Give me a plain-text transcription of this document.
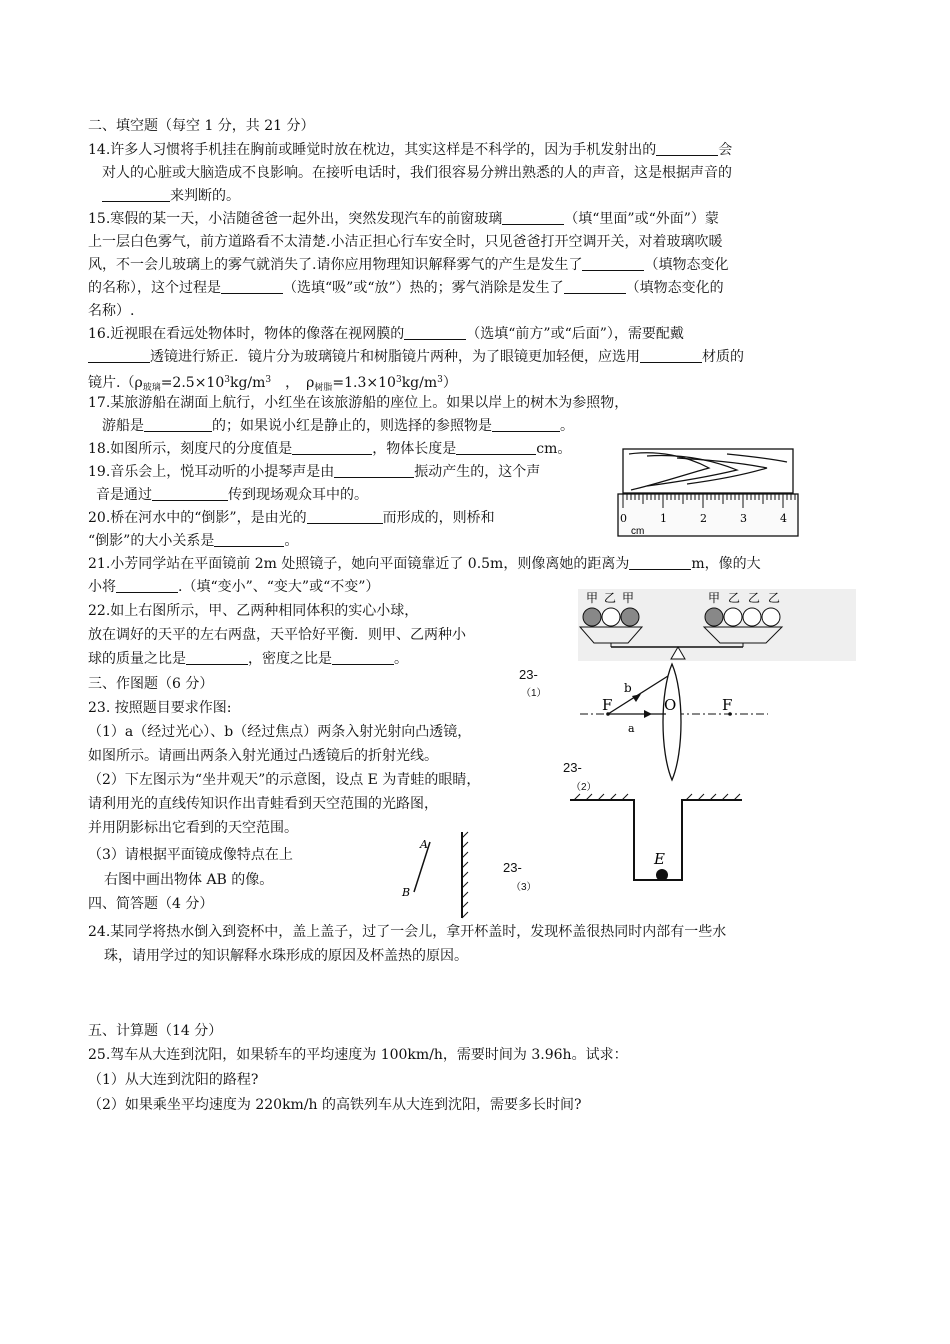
二、填空题（每空 1 分，共 21 分）
14.许多人习惯将手机挂在胸前或睡觉时放在枕边，其实这样是不科学的，因为手机发射出的	会
对人的心脏或大脑造成不良影响。在接听电话时，我们很容易分辨出熟悉的人的声音，这是根据声音的
来判断的。
15.寒假的某一天，小洁随爸爸一起外出，突然发现汽车的前窗玻璃	（填“里面”或“外面”）蒙
上一层白色雾气，前方道路看不太清楚.小洁正担心行车安全时，只见爸爸打开空调开关，对着玻璃吹暖
风，不一会儿玻璃上的雾气就消失了.请你应用物理知识解释雾气的产生是发生了	（填物态变化
的名称），这个过程是	（选填“吸”或“放”）热的；雾气消除是发生了	（填物态变化的
名称）.
16.近视眼在看远处物体时，物体的像落在视网膜的	（选填“前方”或“后面”），需要配戴
透镜进行矫正．镜片分为玻璃镜片和树脂镜片两种，为了眼镜更加轻便，应选用	材质的
镜片$.(\rho_{玻璃}=2.5\times 10^3kg/m^3$　，　$\rho_{树脂}=1.3\times 10^3kg/m^3$）
17.某旅游船在湖面上航行，小红坐在该旅游船的座位上。如果以岸上的树木为参照物，
游船是	的；如果说小红是静止的，则选择的参照物是	。
18.如图所示，刻度尺的分度值是	，物体长度是	cm。
19.音乐会上，悦耳动听的小提琴声是由	振动产生的，这个声
音是通过	传到现场观众耳中的。
20.桥在河水中的“倒影”，是由光的	而形成的，则桥和
“倒影”的大小关系是	。
21.小芳同学站在平面镜前 2m 处照镜子，她向平面镜靠近了 0.5m，则像离她的距离为	m，像的大
小将	.（填“变小”、“变大”或“不变”）
22.如上右图所示，甲、乙两种相同体积的实心小球，
放在调好的天平的左右两盘，天平恰好平衡．则甲、乙两种小
球的质量之比是	，密度之比是	。
三、作图题（6 分）
23. 按照题目要求作图:
（1）a（经过光心）、b（经过焦点）两条入射光射向凸透镜，
如图所示。请画出两条入射光通过凸透镜后的折射光线。
（2）下左图示为“坐井观天”的示意图，设点 E 为青蛙的眼睛，
请利用光的直线传知识作出青蛙看到天空范围的光路图，
并用阴影标出它看到的天空范围。
（3）请根据平面镜成像特点在上
右图中画出物体 AB 的像。
四、简答题（4 分）
24.某同学将热水倒入到瓷杯中，盖上盖子，过了一会儿，拿开杯盖时，发现杯盖很热同时内部有一些水
珠，请用学过的知识解释水珠形成的原因及杯盖热的原因。
五、计算题（14 分）
25.驾车从大连到沈阳，如果轿车的平均速度为 100km/h，需要时间为 3.96h。试求：
（1）从大连到沈阳的路程?
（2）如果乘坐平均速度为 220km/h 的高铁列车从大连到沈阳，需要多长时间?
0	1	2	3	4
cm
甲 乙 甲	甲 乙 乙 乙
23-
（1）
F	O	F
a
b
23-
（2）
E
23-
（3）
A
B
